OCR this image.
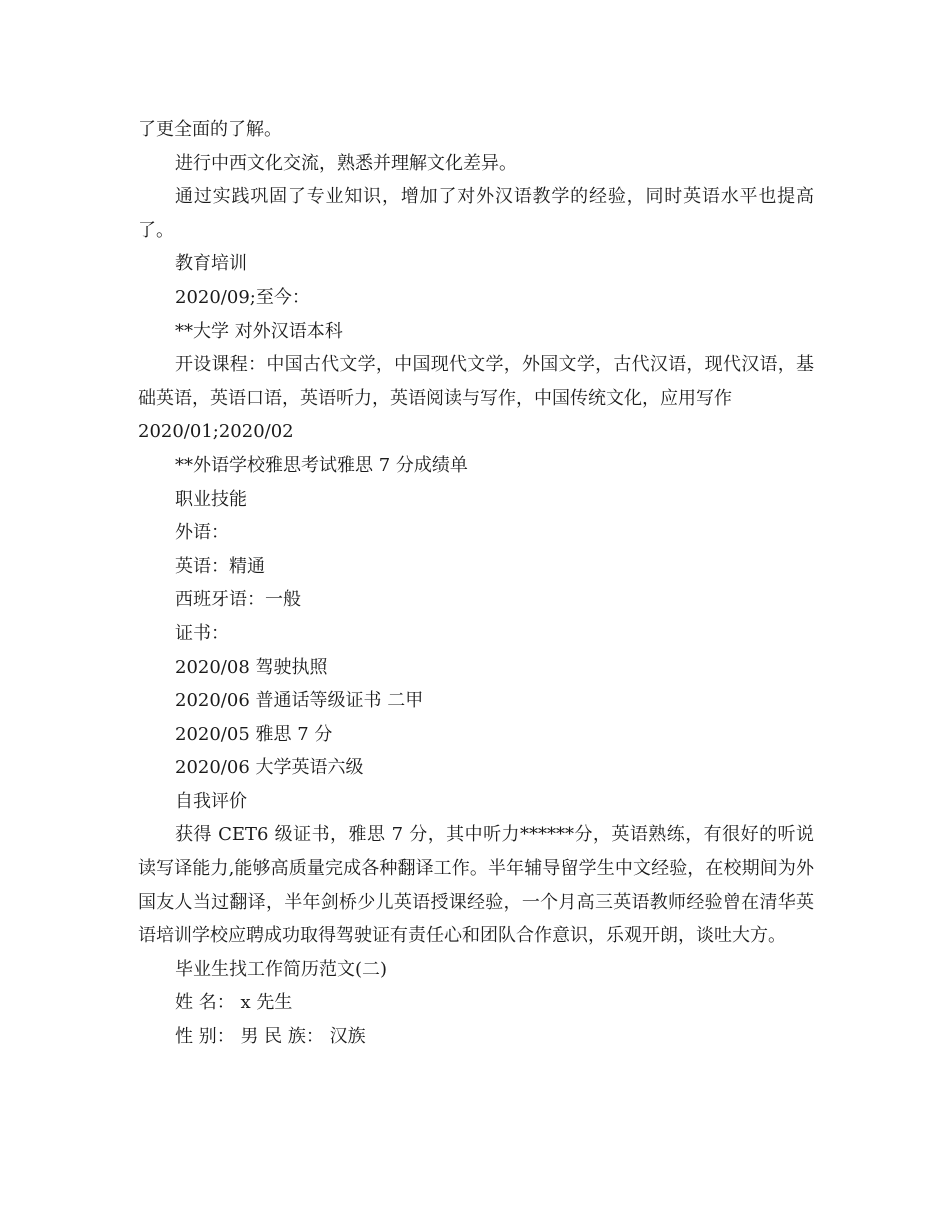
了更全面的了解。

进行中西文化交流，熟悉并理解文化差异。

通过实践巩固了专业知识，增加了对外汉语教学的经验，同时英语水平也提高了。

教育培训

2020/09;至今：

**大学 对外汉语本科

开设课程：中国古代文学，中国现代文学，外国文学，古代汉语，现代汉语，基础英语，英语口语，英语听力，英语阅读与写作，中国传统文化，应用写作

2020/01;2020/02

**外语学校雅思考试雅思 7 分成绩单

职业技能

外语：

英语：精通

西班牙语：一般

证书：

2020/08 驾驶执照

2020/06 普通话等级证书 二甲

2020/05 雅思 7 分

2020/06 大学英语六级

自我评价

获得 CET6 级证书，雅思 7 分，其中听力******分，英语熟练，有很好的听说读写译能力,能够高质量完成各种翻译工作。半年辅导留学生中文经验，在校期间为外国友人当过翻译，半年剑桥少儿英语授课经验，一个月高三英语教师经验曾在清华英语培训学校应聘成功取得驾驶证有责任心和团队合作意识，乐观开朗，谈吐大方。

毕业生找工作简历范文(二)

姓 名： x 先生

性 别： 男 民 族： 汉族
